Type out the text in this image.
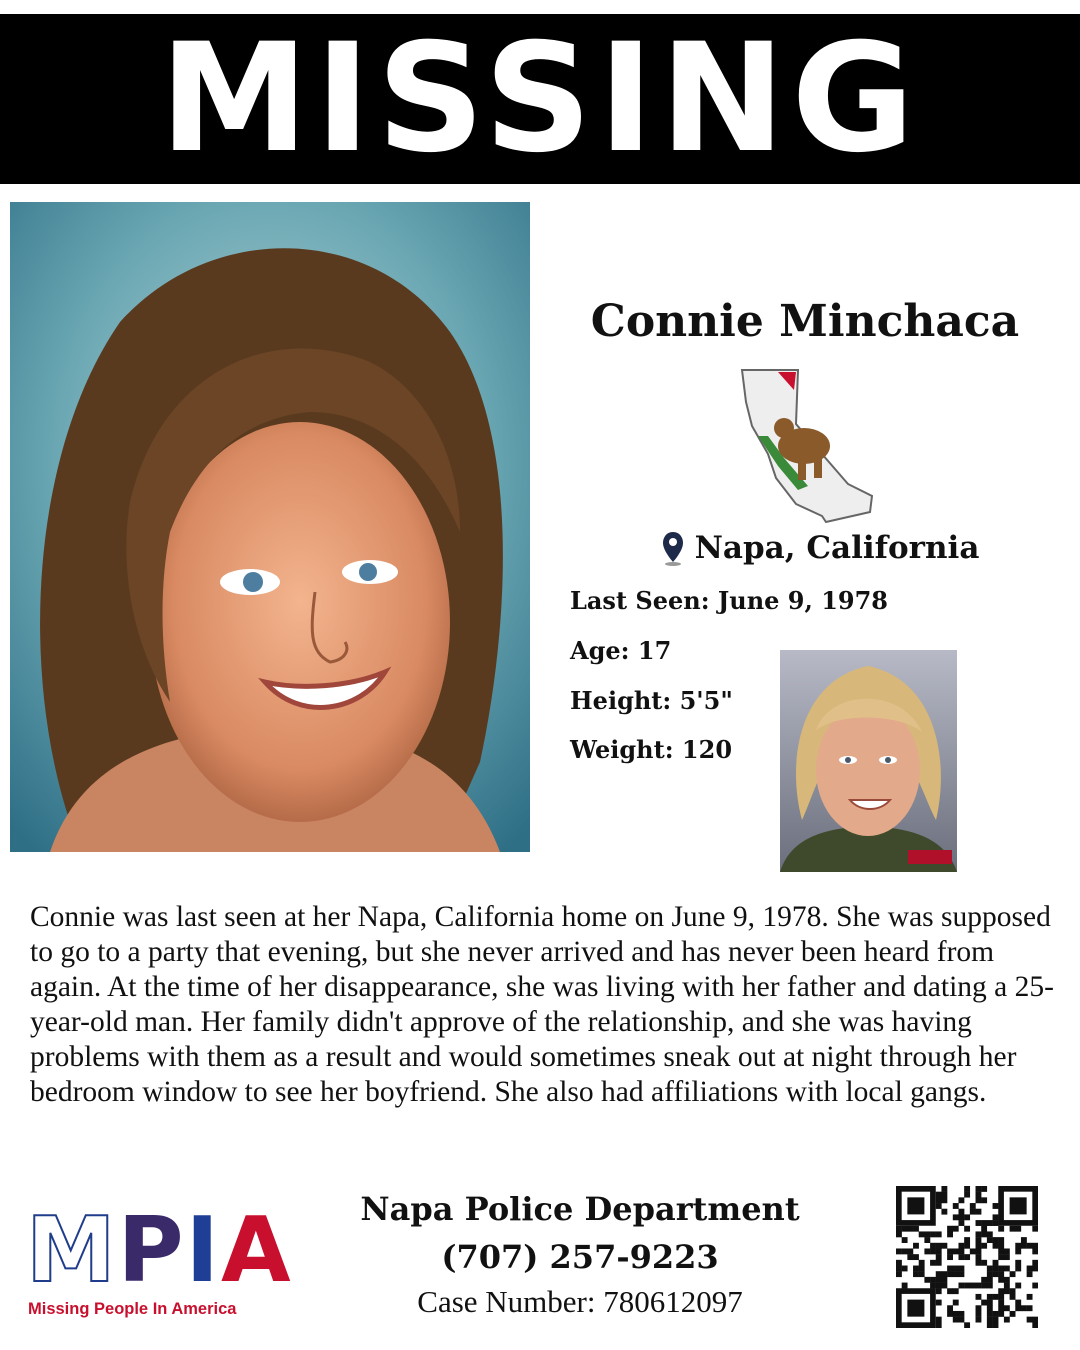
MISSING
Connie Minchaca
Napa, California
Last Seen: June 9, 1978
Age: 17
Height: 5'5"
Weight: 120

Connie was last seen at her Napa, California home on June 9, 1978. She was supposed to go to a party that evening, but she never arrived and has never been heard from again. At the time of her disappearance, she was living with her father and dating a 25-year-old man. Her family didn't approve of the relationship, and she was having problems with them as a result and would sometimes sneak out at night through her bedroom window to see her boyfriend. She also had affiliations with local gangs.

M P I A
Missing People In America
Napa Police Department
(707) 257-9223
Case Number: 780612097
